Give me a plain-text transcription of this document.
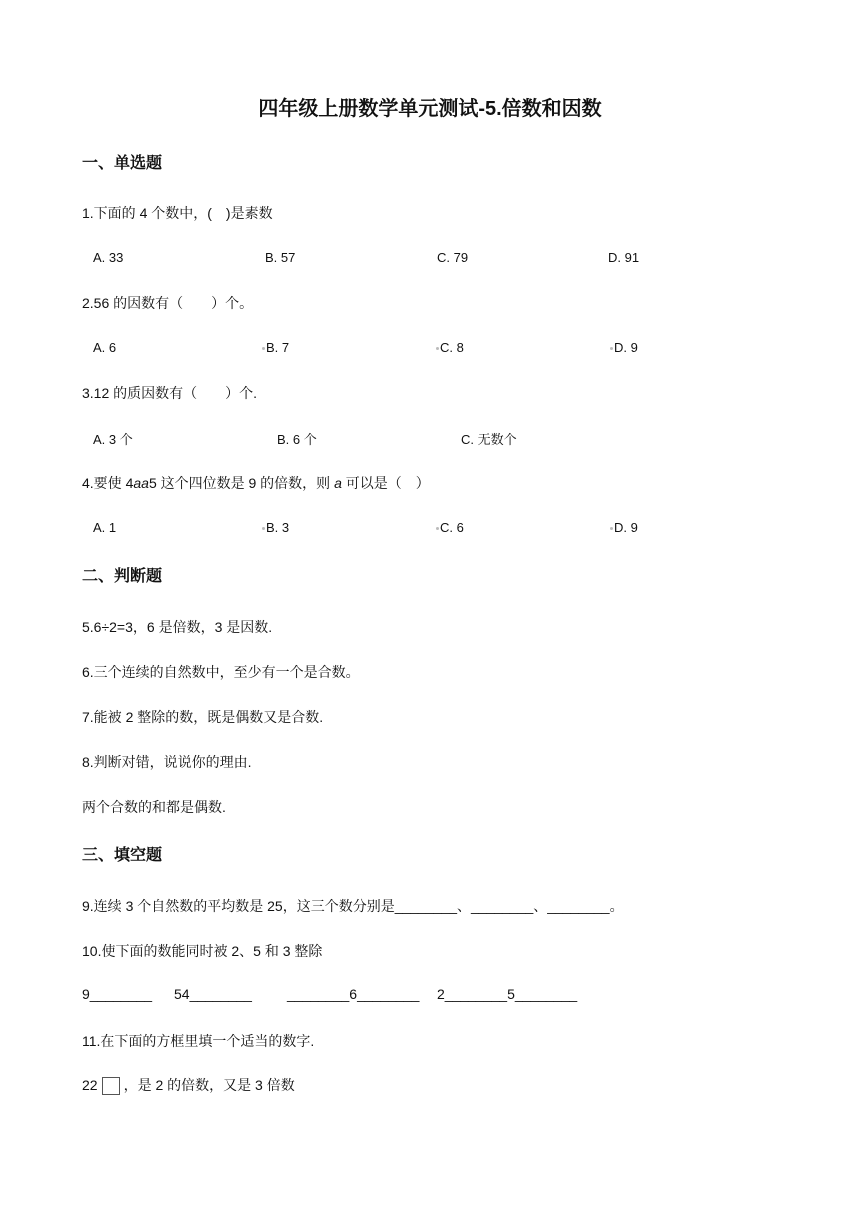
四年级上册数学单元测试-5.倍数和因数
一、单选题
1.下面的 4 个数中，(　)是素数
A. 33	B. 57	C. 79	D. 91
2.56 的因数有（　　）个。
A. 6	B. 7	C. 8	D. 9
3.12 的质因数有（　　）个.
A. 3 个	B. 6 个	C. 无数个
4.要使 4aa5 这个四位数是 9 的倍数，则 a 可以是（　）
A. 1	B. 3	C. 6	D. 9
二、判断题
5.6÷2=3，6 是倍数，3 是因数.
6.三个连续的自然数中，至少有一个是合数。
7.能被 2 整除的数，既是偶数又是合数.
8.判断对错，说说你的理由.
两个合数的和都是偶数.
三、填空题
9.连续 3 个自然数的平均数是 25，这三个数分别是________、________、________。
10.使下面的数能同时被 2、5 和 3 整除
9________ 54________	________6________ 2________5________
11.在下面的方框里填一个适当的数字.
22 ，是 2 的倍数，又是 3 倍数
